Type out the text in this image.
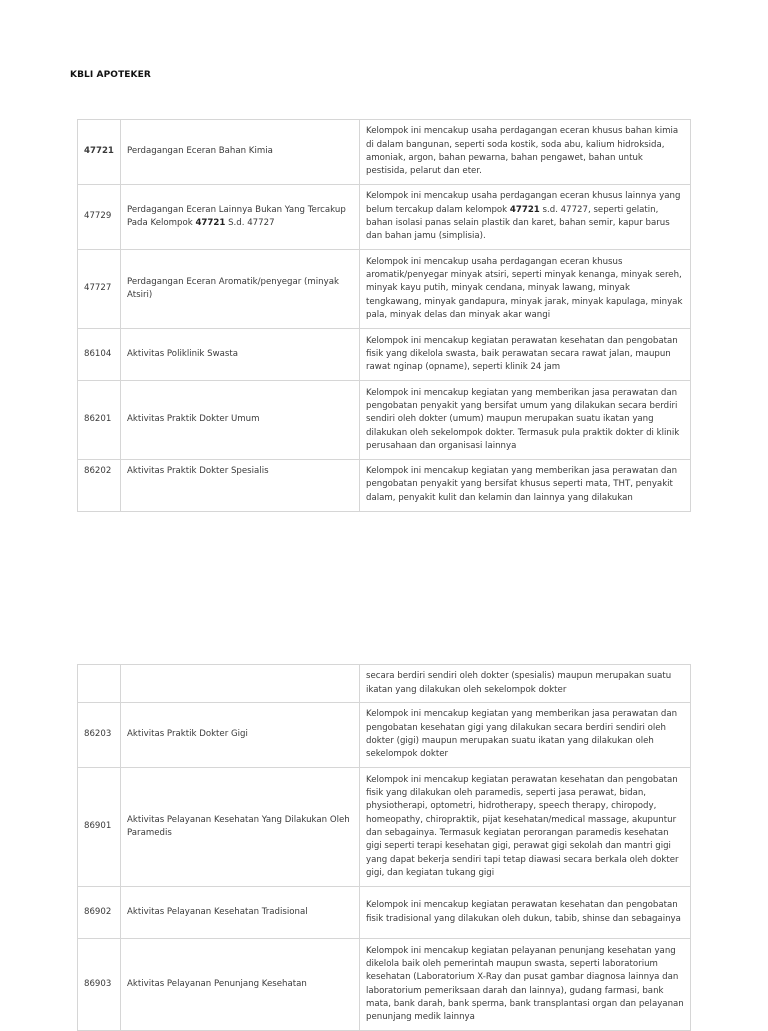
KBLI APOTEKER
47721	Perdagangan Eceran Bahan Kimia	Kelompok ini mencakup usaha perdagangan eceran khusus bahan kimia di dalam bangunan, seperti soda kostik, soda abu, kalium hidroksida, amoniak, argon, bahan pewarna, bahan pengawet, bahan untuk pestisida, pelarut dan eter.
47729	Perdagangan Eceran Lainnya Bukan Yang Tercakup Pada Kelompok 47721 S.d. 47727	Kelompok ini mencakup usaha perdagangan eceran khusus lainnya yang belum tercakup dalam kelompok 47721 s.d. 47727, seperti gelatin, bahan isolasi panas selain plastik dan karet, bahan semir, kapur barus dan bahan jamu (simplisia).
47727	Perdagangan Eceran Aromatik/penyegar (minyak Atsiri)	Kelompok ini mencakup usaha perdagangan eceran khusus aromatik/penyegar minyak atsiri, seperti minyak kenanga, minyak sereh, minyak kayu putih, minyak cendana, minyak lawang, minyak tengkawang, minyak gandapura, minyak jarak, minyak kapulaga, minyak pala, minyak delas dan minyak akar wangi
86104	Aktivitas Poliklinik Swasta	Kelompok ini mencakup kegiatan perawatan kesehatan dan pengobatan fisik yang dikelola swasta, baik perawatan secara rawat jalan, maupun rawat nginap (opname), seperti klinik 24 jam
86201	Aktivitas Praktik Dokter Umum	Kelompok ini mencakup kegiatan yang memberikan jasa perawatan dan pengobatan penyakit yang bersifat umum yang dilakukan secara berdiri sendiri oleh dokter (umum) maupun merupakan suatu ikatan yang dilakukan oleh sekelompok dokter. Termasuk pula praktik dokter di klinik perusahaan dan organisasi lainnya
86202	Aktivitas Praktik Dokter Spesialis	Kelompok ini mencakup kegiatan yang memberikan jasa perawatan dan pengobatan penyakit yang bersifat khusus seperti mata, THT, penyakit dalam, penyakit kulit dan kelamin dan lainnya yang dilakukan
		secara berdiri sendiri oleh dokter (spesialis) maupun merupakan suatu ikatan yang dilakukan oleh sekelompok dokter
86203	Aktivitas Praktik Dokter Gigi	Kelompok ini mencakup kegiatan yang memberikan jasa perawatan dan pengobatan kesehatan gigi yang dilakukan secara berdiri sendiri oleh dokter (gigi) maupun merupakan suatu ikatan yang dilakukan oleh sekelompok dokter
86901	Aktivitas Pelayanan Kesehatan Yang Dilakukan Oleh Paramedis	Kelompok ini mencakup kegiatan perawatan kesehatan dan pengobatan fisik yang dilakukan oleh paramedis, seperti jasa perawat, bidan, physiotherapi, optometri, hidrotherapy, speech therapy, chiropody, homeopathy, chiropraktik, pijat kesehatan/medical massage, akupuntur dan sebagainya. Termasuk kegiatan perorangan paramedis kesehatan gigi seperti terapi kesehatan gigi, perawat gigi sekolah dan mantri gigi yang dapat bekerja sendiri tapi tetap diawasi secara berkala oleh dokter gigi, dan kegiatan tukang gigi
86902	Aktivitas Pelayanan Kesehatan Tradisional	Kelompok ini mencakup kegiatan perawatan kesehatan dan pengobatan fisik tradisional yang dilakukan oleh dukun, tabib, shinse dan sebagainya
86903	Aktivitas Pelayanan Penunjang Kesehatan	Kelompok ini mencakup kegiatan pelayanan penunjang kesehatan yang dikelola baik oleh pemerintah maupun swasta, seperti laboratorium kesehatan (Laboratorium X-Ray dan pusat gambar diagnosa lainnya dan laboratorium pemeriksaan darah dan lainnya), gudang farmasi, bank mata, bank darah, bank sperma, bank transplantasi organ dan pelayanan penunjang medik lainnya
